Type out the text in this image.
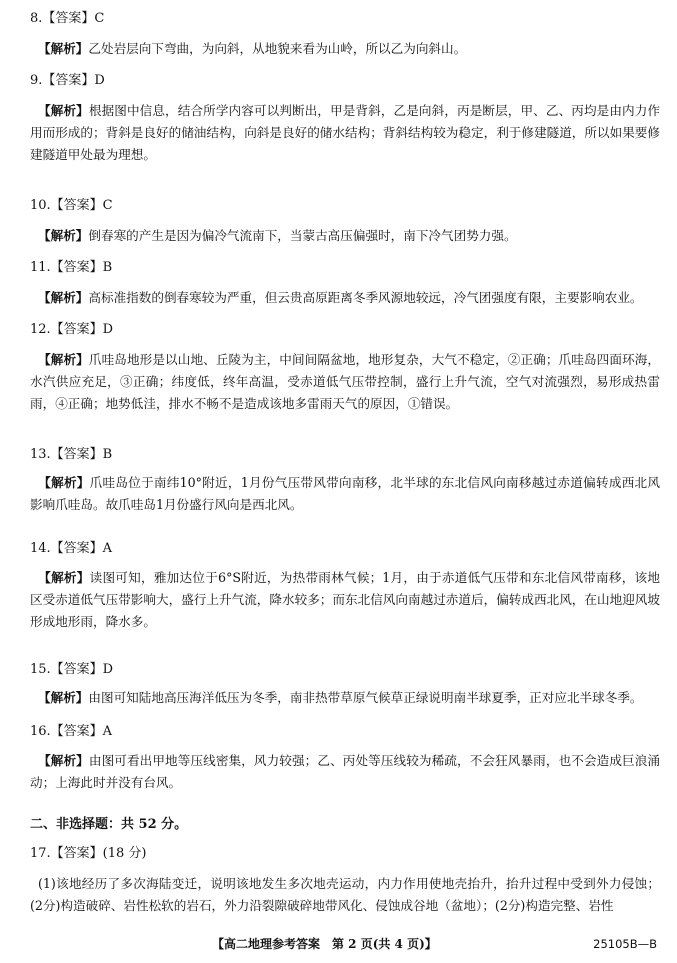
8.【答案】C
【解析】乙处岩层向下弯曲，为向斜，从地貌来看为山岭，所以乙为向斜山。
9.【答案】D
【解析】根据图中信息，结合所学内容可以判断出，甲是背斜，乙是向斜，丙是断层，甲、乙、丙均是由内力作用而形成的；背斜是良好的储油结构，向斜是良好的储水结构；背斜结构较为稳定，利于修建隧道，所以如果要修建隧道甲处最为理想。
10.【答案】C
【解析】倒春寒的产生是因为偏冷气流南下，当蒙古高压偏强时，南下冷气团势力强。
11.【答案】B
【解析】高标准指数的倒春寒较为严重，但云贵高原距离冬季风源地较远，冷气团强度有限，主要影响农业。
12.【答案】D
【解析】爪哇岛地形是以山地、丘陵为主，中间间隔盆地，地形复杂，大气不稳定，②正确；爪哇岛四面环海，水汽供应充足，③正确；纬度低，终年高温，受赤道低气压带控制，盛行上升气流，空气对流强烈，易形成热雷雨，④正确；地势低洼，排水不畅不是造成该地多雷雨天气的原因，①错误。
13.【答案】B
【解析】爪哇岛位于南纬10°附近，1月份气压带风带向南移，北半球的东北信风向南移越过赤道偏转成西北风影响爪哇岛。故爪哇岛1月份盛行风向是西北风。
14.【答案】A
【解析】读图可知，雅加达位于6°S附近，为热带雨林气候；1月，由于赤道低气压带和东北信风带南移，该地区受赤道低气压带影响大，盛行上升气流，降水较多；而东北信风向南越过赤道后，偏转成西北风，在山地迎风坡形成地形雨，降水多。
15.【答案】D
【解析】由图可知陆地高压海洋低压为冬季，南非热带草原气候草正绿说明南半球夏季，正对应北半球冬季。
16.【答案】A
【解析】由图可看出甲地等压线密集，风力较强；乙、丙处等压线较为稀疏，不会狂风暴雨，也不会造成巨浪涌动；上海此时并没有台风。
二、非选择题：共 52 分。
17.【答案】(18 分)
(1)该地经历了多次海陆变迁，说明该地发生多次地壳运动，内力作用使地壳抬升，抬升过程中受到外力侵蚀；(2分)构造破碎、岩性松软的岩石，外力沿裂隙破碎地带风化、侵蚀成谷地（盆地）；(2分)构造完整、岩性
【高二地理参考答案　第 2 页(共 4 页)】	25105B—B
